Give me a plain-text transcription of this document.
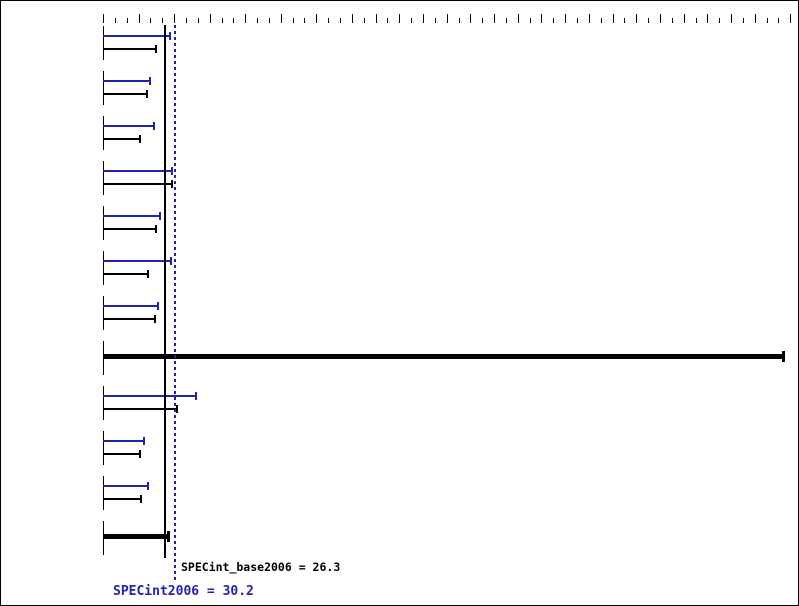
SPECint_base2006 = 26.3
SPECint2006 = 30.2
